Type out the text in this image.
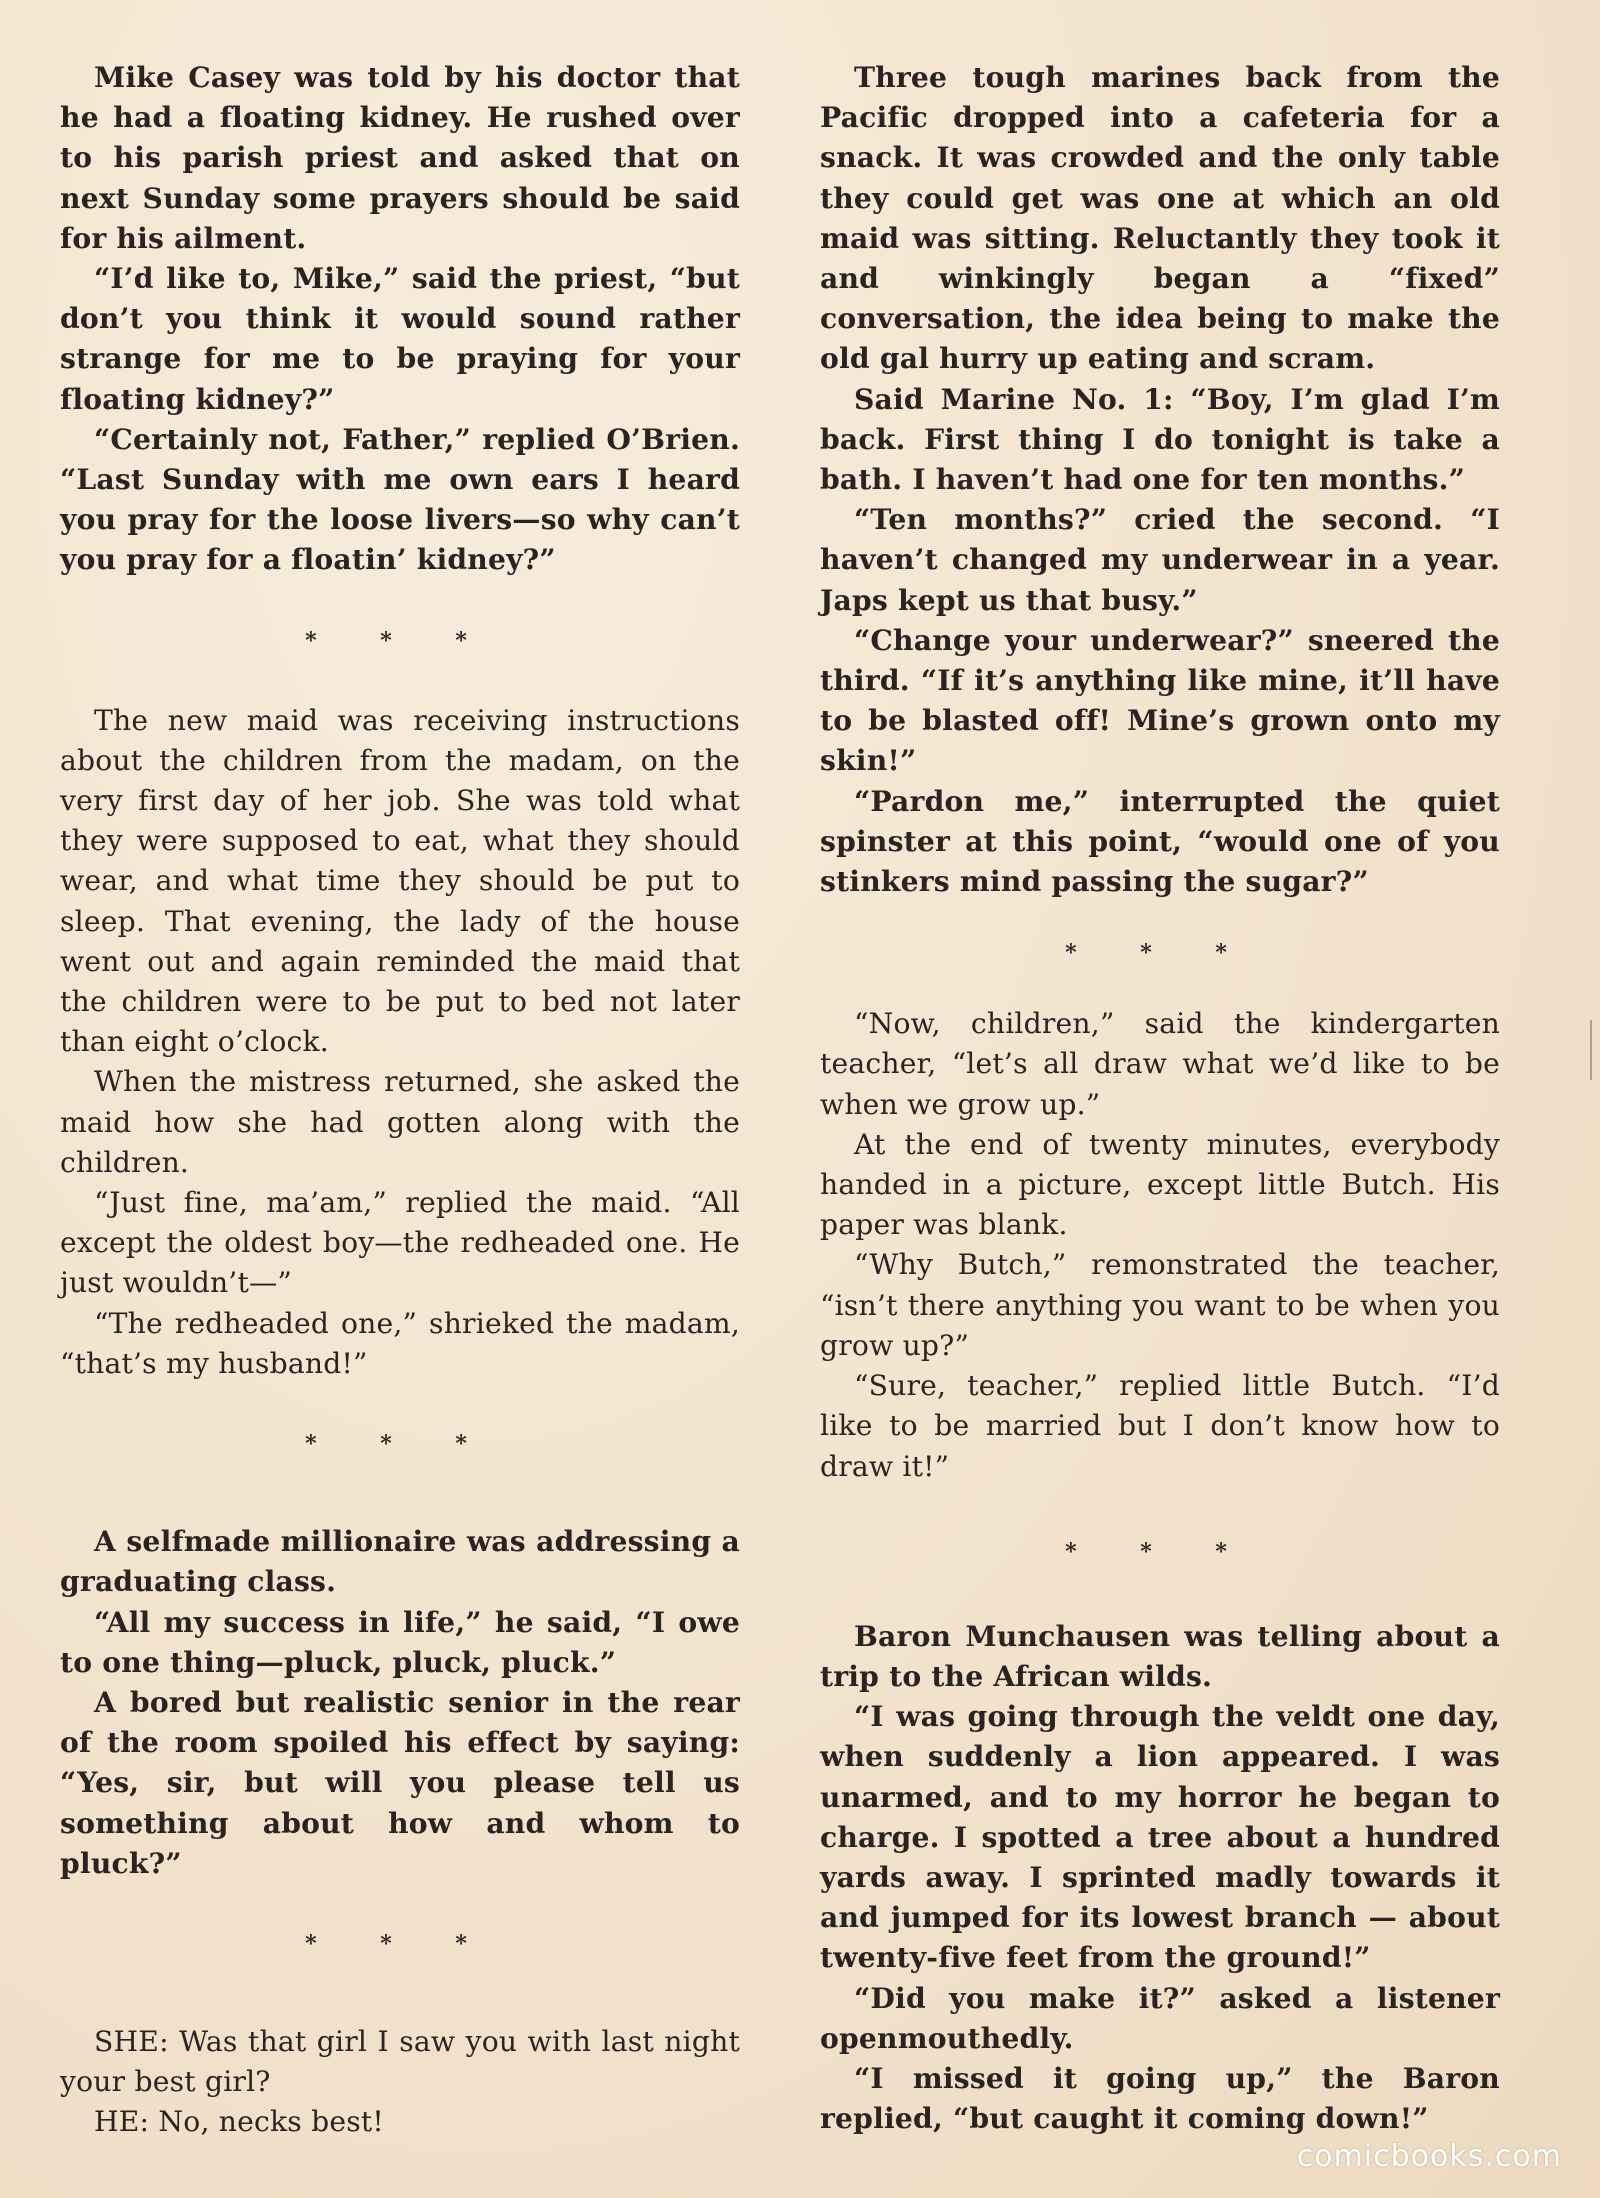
Mike Casey was told by his doctor that he had a floating kidney. He rushed over to his parish priest and asked that on next Sunday some prayers should be said for his ailment.

“I’d like to, Mike,” said the priest, “but don’t you think it would sound rather strange for me to be praying for your floating kidney?”

“Certainly not, Father,” replied O’Brien. “Last Sunday with me own ears I heard you pray for the loose livers—so why can’t you pray for a floatin’ kidney?”

* * *

The new maid was receiving instructions about the children from the madam, on the very first day of her job. She was told what they were supposed to eat, what they should wear, and what time they should be put to sleep. That evening, the lady of the house went out and again reminded the maid that the children were to be put to bed not later than eight o’clock.

When the mistress returned, she asked the maid how she had gotten along with the children.

“Just fine, ma’am,” replied the maid. “All except the oldest boy—the redheaded one. He just wouldn’t—”

“The redheaded one,” shrieked the madam, “that’s my husband!”

* * *

A selfmade millionaire was addressing a graduating class.

“All my success in life,” he said, “I owe to one thing—pluck, pluck, pluck.”

A bored but realistic senior in the rear of the room spoiled his effect by saying: “Yes, sir, but will you please tell us something about how and whom to pluck?”

* * *

SHE: Was that girl I saw you with last night your best girl?

HE: No, necks best!

Three tough marines back from the Pacific dropped into a cafeteria for a snack. It was crowded and the only table they could get was one at which an old maid was sitting. Reluctantly they took it and winkingly began a “fixed” conversation, the idea being to make the old gal hurry up eating and scram.

Said Marine No. 1: “Boy, I’m glad I’m back. First thing I do tonight is take a bath. I haven’t had one for ten months.”

“Ten months?” cried the second. “I haven’t changed my underwear in a year. Japs kept us that busy.”

“Change your underwear?” sneered the third. “If it’s anything like mine, it’ll have to be blasted off! Mine’s grown onto my skin!”

“Pardon me,” interrupted the quiet spinster at this point, “would one of you stinkers mind passing the sugar?”

* * *

“Now, children,” said the kindergarten teacher, “let’s all draw what we’d like to be when we grow up.”

At the end of twenty minutes, everybody handed in a picture, except little Butch. His paper was blank.

“Why Butch,” remonstrated the teacher, “isn’t there anything you want to be when you grow up?”

“Sure, teacher,” replied little Butch. “I’d like to be married but I don’t know how to draw it!”

* * *

Baron Munchausen was telling about a trip to the African wilds.

“I was going through the veldt one day, when suddenly a lion appeared. I was unarmed, and to my horror he began to charge. I spotted a tree about a hundred yards away. I sprinted madly towards it and jumped for its lowest branch — about twenty-five feet from the ground!”

“Did you make it?” asked a listener openmouthedly.

“I missed it going up,” the Baron replied, “but caught it coming down!”

comicbooks.com
